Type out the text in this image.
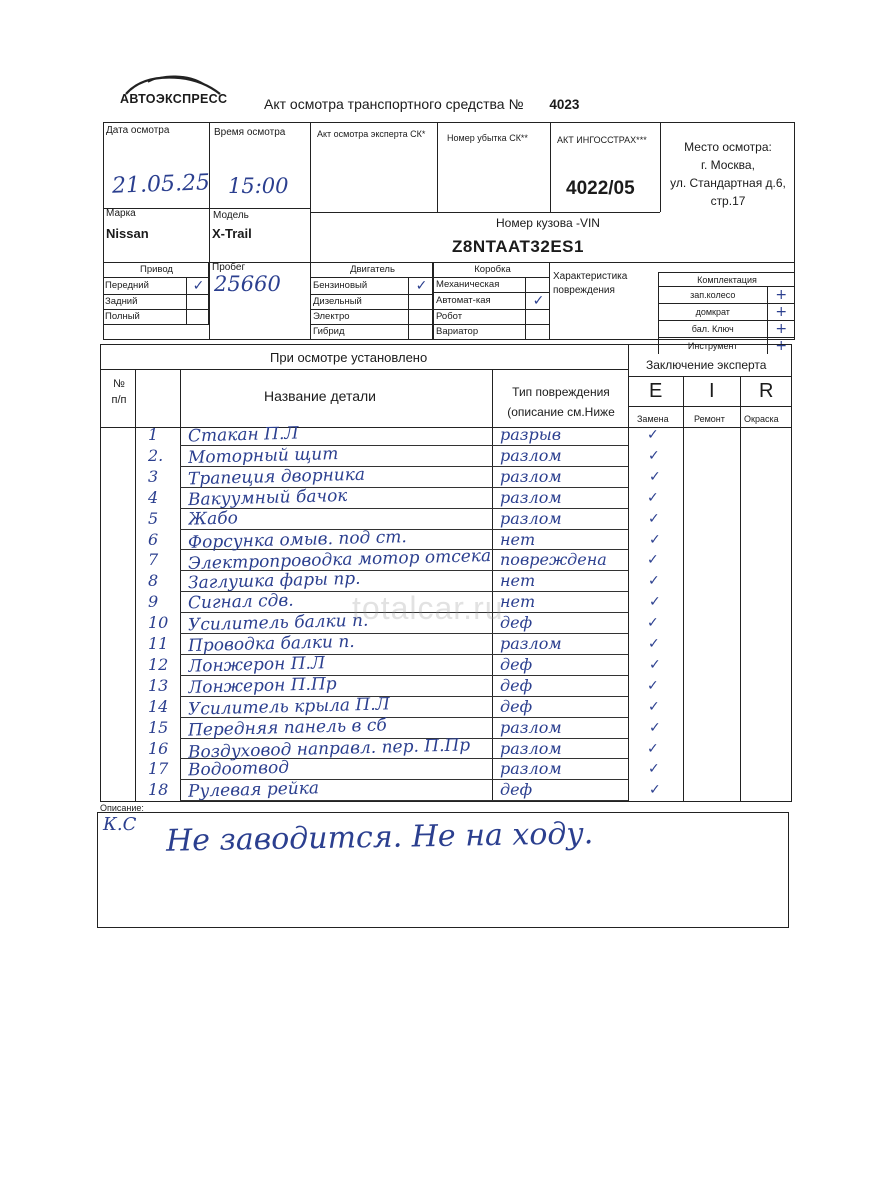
АВТОЭКСПРЕСС	Акт осмотра транспортного средства № 4023
Дата осмотра
21.05.25
Время осмотра
15:00
Акт осмотра эксперта СК* Номер убытка СК**	АКТ ИНГОССТРАХ***
4022/05
Место осмотра:
г. Москва,
ул. Стандартная д.6,
стр.17
Марка
Nissan
Модель
X-Trail
Номер кузова -VIN
Z8NTAAT32ES1
Привод	
Передний	✓
Задний	
Полный	
Пробег
25660
Двигатель	
Бензиновый	✓
Дизельный	
Электро	
Гибрид	
Коробка	
Механическая	
Автомат-кая	✓
Робот	
Вариатор	
Характеристика
повреждения
Комплектация	
зап.колесо	+
домкрат	+
бал. Ключ	+
Инструмент	+
При осмотре установлено	Заключение эксперта
№
п/п	Название детали	Тип повреждения
(описание см.Ниже
E I R
Замена	Ремонт Окраска
1 Стакан П.Л	разрыв	✓
2. Моторный щит	разлом	✓
3 Трапеция дворника	разлом	✓
4 Вакуумный бачок	разлом	✓
5 Жабо	разлом	✓
6 Форсунка омыв. под ст.	нет	✓
7 Электропроводка мотор отсека повреждена	✓
8 Заглушка фары пр.	нет	✓
9 Сигнал сдв.	нет	✓
10 Усилитель балки п.	деф	✓
11 Проводка балки п.	разлом	✓
12 Лонжерон П.Л	деф	✓
13 Лонжерон П.Пр	деф	✓
14 Усилитель крыла П.Л	деф	✓
15 Передняя панель в сб	разлом	✓
16 Воздуховод направл. пер. П.Пр разлом	✓
17 Водоотвод	разлом	✓
18 Рулевая рейка	деф	✓
Описание:
К.С Не заводится. Не на ходу.
totalcar.ru
